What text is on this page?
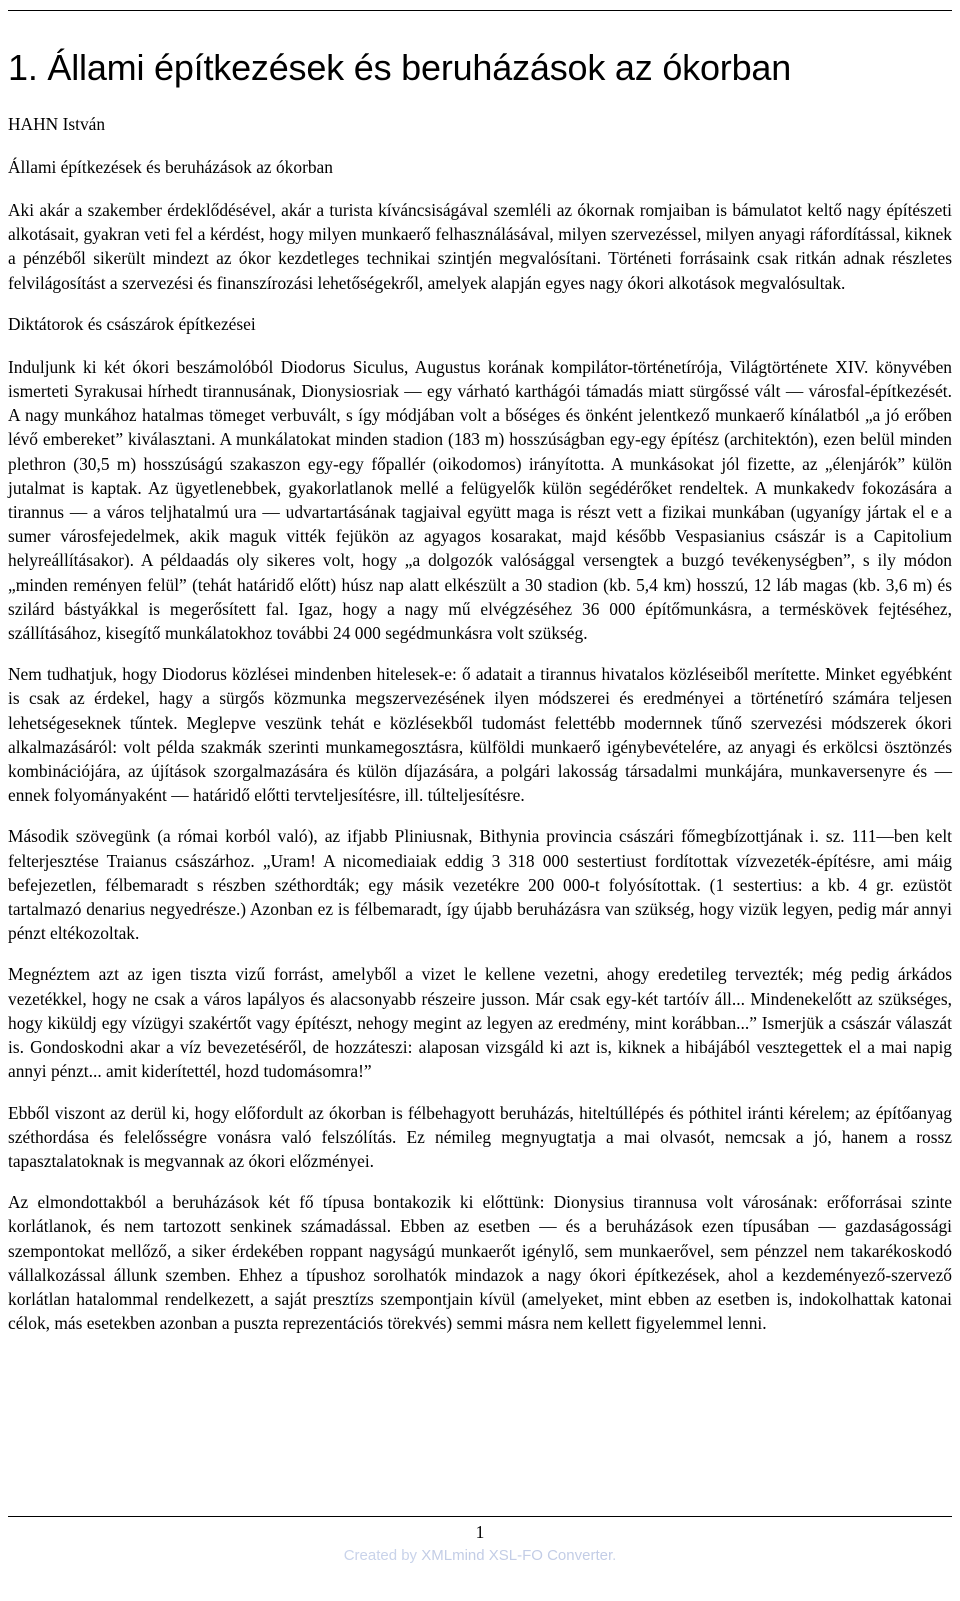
1. Állami építkezések és beruházások az ókorban
HAHN István
Állami építkezések és beruházások az ókorban

Aki akár a szakember érdeklődésével, akár a turista kíváncsiságával szemléli az ókornak romjaiban is bámulatot keltő nagy építészeti alkotásait, gyakran veti fel a kérdést, hogy milyen munkaerő felhasználásával, milyen szervezéssel, milyen anyagi ráfordítással, kiknek a pénzéből sikerült mindezt az ókor kezdetleges technikai szintjén megvalósítani. Történeti forrásaink csak ritkán adnak részletes felvilágosítást a szervezési és finanszírozási lehetőségekről, amelyek alapján egyes nagy ókori alkotások megvalósultak.

Diktátorok és császárok építkezései

Induljunk ki két ókori beszámolóból Diodorus Siculus, Augustus korának kompilátor-történetírója, Világtörténete XIV. könyvében ismerteti Syrakusai hírhedt tirannusának, Dionysiosriak — egy várható karthágói támadás miatt sürgőssé vált — városfal-építkezését. A nagy munkához hatalmas tömeget verbuvált, s így módjában volt a bőséges és önként jelentkező munkaerő kínálatból „a jó erőben lévő embereket” kiválasztani. A munkálatokat minden stadion (183 m) hosszúságban egy-egy építész (architektón), ezen belül minden plethron (30,5 m) hosszúságú szakaszon egy-egy főpallér (oikodomos) irányította. A munkásokat jól fizette, az „élenjárók” külön jutalmat is kaptak. Az ügyetlenebbek, gyakorlatlanok mellé a felügyelők külön segédérőket rendeltek. A munkakedv fokozására a tirannus — a város teljhatalmú ura — udvartartásának tagjaival együtt maga is részt vett a fizikai munkában (ugyanígy jártak el e a sumer városfejedelmek, akik maguk vitték fejükön az agyagos kosarakat, majd később Vespasianius császár is a Capitolium helyreállításakor). A példaadás oly sikeres volt, hogy „a dolgozók valósággal versengtek a buzgó tevékenységben”, s ily módon „minden reményen felül” (tehát határidő előtt) húsz nap alatt elkészült a 30 stadion (kb. 5,4 km) hosszú, 12 láb magas (kb. 3,6 m) és szilárd bástyákkal is megerősített fal. Igaz, hogy a nagy mű elvégzéséhez 36 000 építőmunkásra, a terméskövek fejtéséhez, szállításához, kisegítő munkálatokhoz további 24 000 segédmunkásra volt szükség.

Nem tudhatjuk, hogy Diodorus közlései mindenben hitelesek-e: ő adatait a tirannus hivatalos közléseiből merítette. Minket egyébként is csak az érdekel, hagy a sürgős közmunka megszervezésének ilyen módszerei és eredményei a történetíró számára teljesen lehetségeseknek tűntek. Meglepve veszünk tehát e közlésekből tudomást felettébb modernnek tűnő szervezési módszerek ókori alkalmazásáról: volt példa szakmák szerinti munkamegosztásra, külföldi munkaerő igénybevételére, az anyagi és erkölcsi ösztönzés kombinációjára, az újítások szorgalmazására és külön díjazására, a polgári lakosság társadalmi munkájára, munkaversenyre és — ennek folyományaként — határidő előtti tervteljesítésre, ill. túlteljesítésre.

Második szövegünk (a római korból való), az ifjabb Pliniusnak, Bithynia provincia császári főmegbízottjának i. sz. 111—ben kelt felterjesztése Traianus császárhoz. „Uram! A nicomediaiak eddig 3 318 000 sestertiust fordítottak vízvezeték-építésre, ami máig befejezetlen, félbemaradt s részben széthordták; egy másik vezetékre 200 000-t folyósítottak. (1 sestertius: a kb. 4 gr. ezüstöt tartalmazó denarius negyedrésze.) Azonban ez is félbemaradt, így újabb beruházásra van szükség, hogy vizük legyen, pedig már annyi pénzt eltékozoltak.

Megnéztem azt az igen tiszta vizű forrást, amelyből a vizet le kellene vezetni, ahogy eredetileg tervezték; még pedig árkádos vezetékkel, hogy ne csak a város lapályos és alacsonyabb részeire jusson. Már csak egy-két tartóív áll... Mindenekelőtt az szükséges, hogy kiküldj egy vízügyi szakértőt vagy építészt, nehogy megint az legyen az eredmény, mint korábban...” Ismerjük a császár válaszát is. Gondoskodni akar a víz bevezetéséről, de hozzáteszi: alaposan vizsgáld ki azt is, kiknek a hibájából vesztegettek el a mai napig annyi pénzt... amit kiderítettél, hozd tudomásomra!”

Ebből viszont az derül ki, hogy előfordult az ókorban is félbehagyott beruházás, hiteltúllépés és póthitel iránti kérelem; az építőanyag széthordása és felelősségre vonásra való felszólítás. Ez némileg megnyugtatja a mai olvasót, nemcsak a jó, hanem a rossz tapasztalatoknak is megvannak az ókori előzményei.

Az elmondottakból a beruházások két fő típusa bontakozik ki előttünk: Dionysius tirannusa volt városának: erőforrásai szinte korlátlanok, és nem tartozott senkinek számadással. Ebben az esetben — és a beruházások ezen típusában — gazdaságossági szempontokat mellőző, a siker érdekében roppant nagyságú munkaerőt igénylő, sem munkaerővel, sem pénzzel nem takarékoskodó vállalkozással állunk szemben. Ehhez a típushoz sorolhatók mindazok a nagy ókori építkezések, ahol a kezdeményező-szervező korlátlan hatalommal rendelkezett, a saját presztízs szempontjain kívül (amelyeket, mint ebben az esetben is, indokolhattak katonai célok, más esetekben azonban a puszta reprezentációs törekvés) semmi másra nem kellett figyelemmel lenni.

1
Created by XMLmind XSL-FO Converter.
